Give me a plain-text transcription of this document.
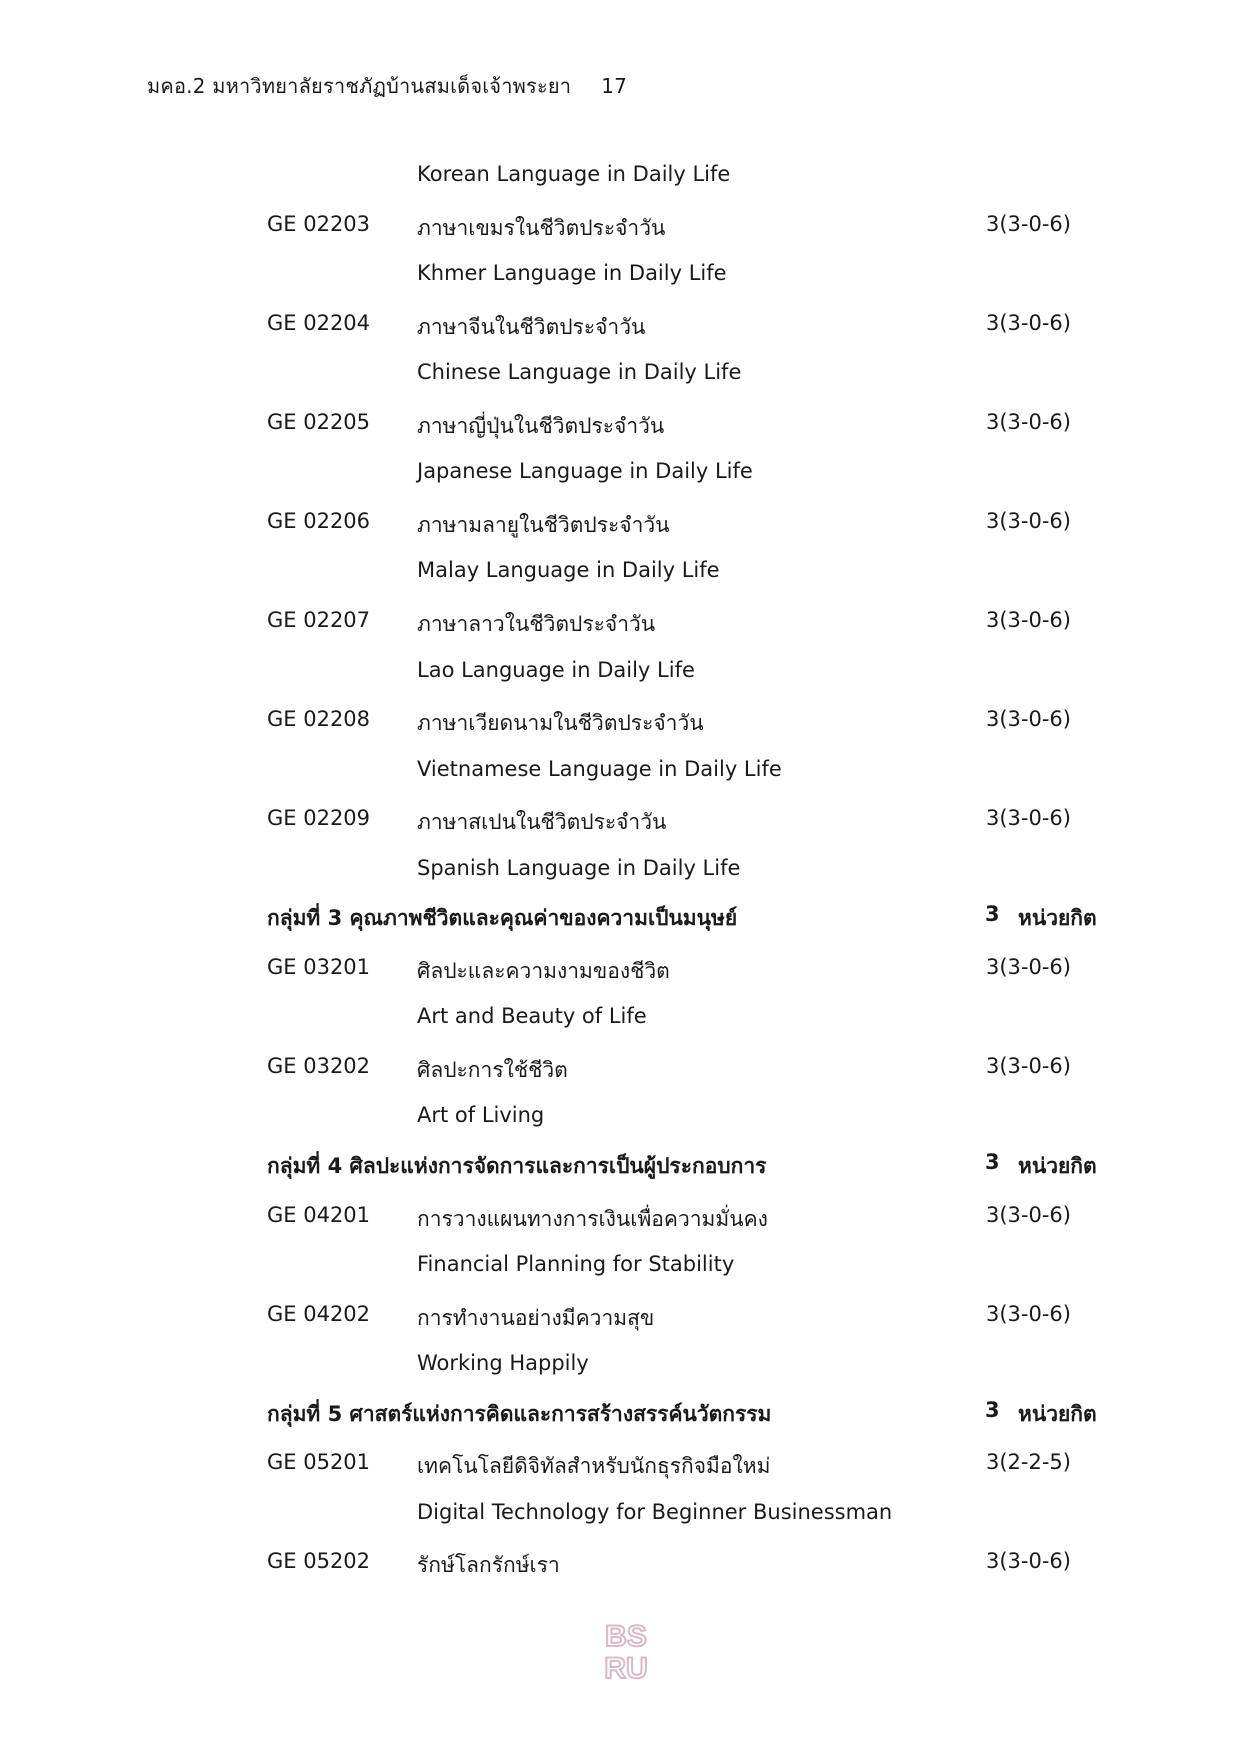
มคอ.2 มหาวิทยาลัยราชภัฏบ้านสมเด็จเจ้าพระยา 17
Korean Language in Daily Life
GE 02203 ภาษาเขมรในชีวิตประจำวัน	3(3-0-6)
Khmer Language in Daily Life
GE 02204 ภาษาจีนในชีวิตประจำวัน	3(3-0-6)
Chinese Language in Daily Life
GE 02205 ภาษาญี่ปุ่นในชีวิตประจำวัน	3(3-0-6)
Japanese Language in Daily Life
GE 02206 ภาษามลายูในชีวิตประจำวัน	3(3-0-6)
Malay Language in Daily Life
GE 02207 ภาษาลาวในชีวิตประจำวัน	3(3-0-6)
Lao Language in Daily Life
GE 02208 ภาษาเวียดนามในชีวิตประจำวัน	3(3-0-6)
Vietnamese Language in Daily Life
GE 02209 ภาษาสเปนในชีวิตประจำวัน	3(3-0-6)
Spanish Language in Daily Life
กลุ่มที่ 3 คุณภาพชีวิตและคุณค่าของความเป็นมนุษย์	3 หน่วยกิต
GE 03201 ศิลปะและความงามของชีวิต	3(3-0-6)
Art and Beauty of Life
GE 03202 ศิลปะการใช้ชีวิต	3(3-0-6)
Art of Living
กลุ่มที่ 4 ศิลปะแห่งการจัดการและการเป็นผู้ประกอบการ	3 หน่วยกิต
GE 04201 การวางแผนทางการเงินเพื่อความมั่นคง	3(3-0-6)
Financial Planning for Stability
GE 04202 การทำงานอย่างมีความสุข	3(3-0-6)
Working Happily
กลุ่มที่ 5 ศาสตร์แห่งการคิดและการสร้างสรรค์นวัตกรรม	3 หน่วยกิต
GE 05201 เทคโนโลยีดิจิทัลสำหรับนักธุรกิจมือใหม่	3(2-2-5)
Digital Technology for Beginner Businessman
GE 05202 รักษ์โลกรักษ์เรา	3(3-0-6)
BS
RU
